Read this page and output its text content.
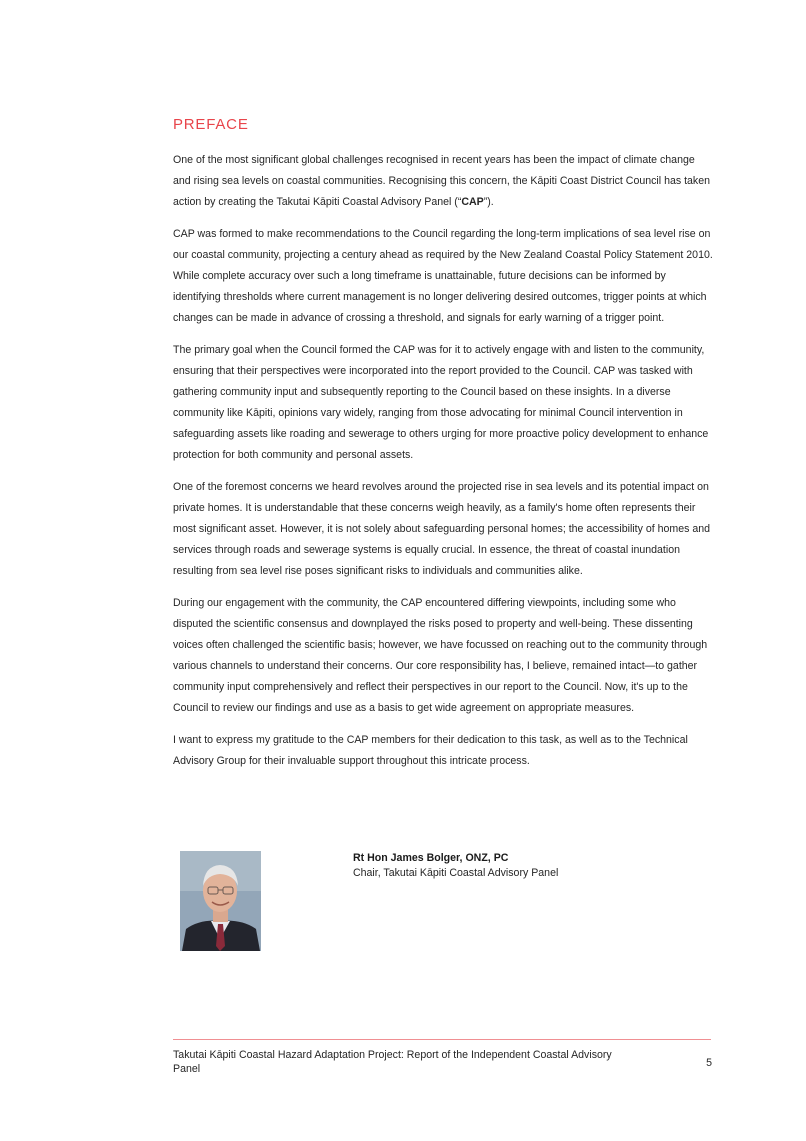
PREFACE

One of the most significant global challenges recognised in recent years has been the impact of climate change and rising sea levels on coastal communities. Recognising this concern, the Kāpiti Coast District Council has taken action by creating the Takutai Kāpiti Coastal Advisory Panel (“CAP”).

CAP was formed to make recommendations to the Council regarding the long-term implications of sea level rise on our coastal community, projecting a century ahead as required by the New Zealand Coastal Policy Statement 2010. While complete accuracy over such a long timeframe is unattainable, future decisions can be informed by identifying thresholds where current management is no longer delivering desired outcomes, trigger points at which changes can be made in advance of crossing a threshold, and signals for early warning of a trigger point.

The primary goal when the Council formed the CAP was for it to actively engage with and listen to the community, ensuring that their perspectives were incorporated into the report provided to the Council. CAP was tasked with gathering community input and subsequently reporting to the Council based on these insights. In a diverse community like Kāpiti, opinions vary widely, ranging from those advocating for minimal Council intervention in safeguarding assets like roading and sewerage to others urging for more proactive policy development to enhance protection for both community and personal assets.

One of the foremost concerns we heard revolves around the projected rise in sea levels and its potential impact on private homes. It is understandable that these concerns weigh heavily, as a family's home often represents their most significant asset. However, it is not solely about safeguarding personal homes; the accessibility of homes and services through roads and sewerage systems is equally crucial. In essence, the threat of coastal inundation resulting from sea level rise poses significant risks to individuals and communities alike.

During our engagement with the community, the CAP encountered differing viewpoints, including some who disputed the scientific consensus and downplayed the risks posed to property and well-being. These dissenting voices often challenged the scientific basis; however, we have focussed on reaching out to the community through various channels to understand their concerns. Our core responsibility has, I believe, remained intact—to gather community input comprehensively and reflect their perspectives in our report to the Council. Now, it's up to the Council to review our findings and use as a basis to get wide agreement on appropriate measures.

I want to express my gratitude to the CAP members for their dedication to this task, as well as to the Technical Advisory Group for their invaluable support throughout this intricate process.

Rt Hon James Bolger, ONZ, PC
Chair, Takutai Kāpiti Coastal Advisory Panel
Takutai Kāpiti Coastal Hazard Adaptation Project: Report of the Independent Coastal Advisory Panel	5
